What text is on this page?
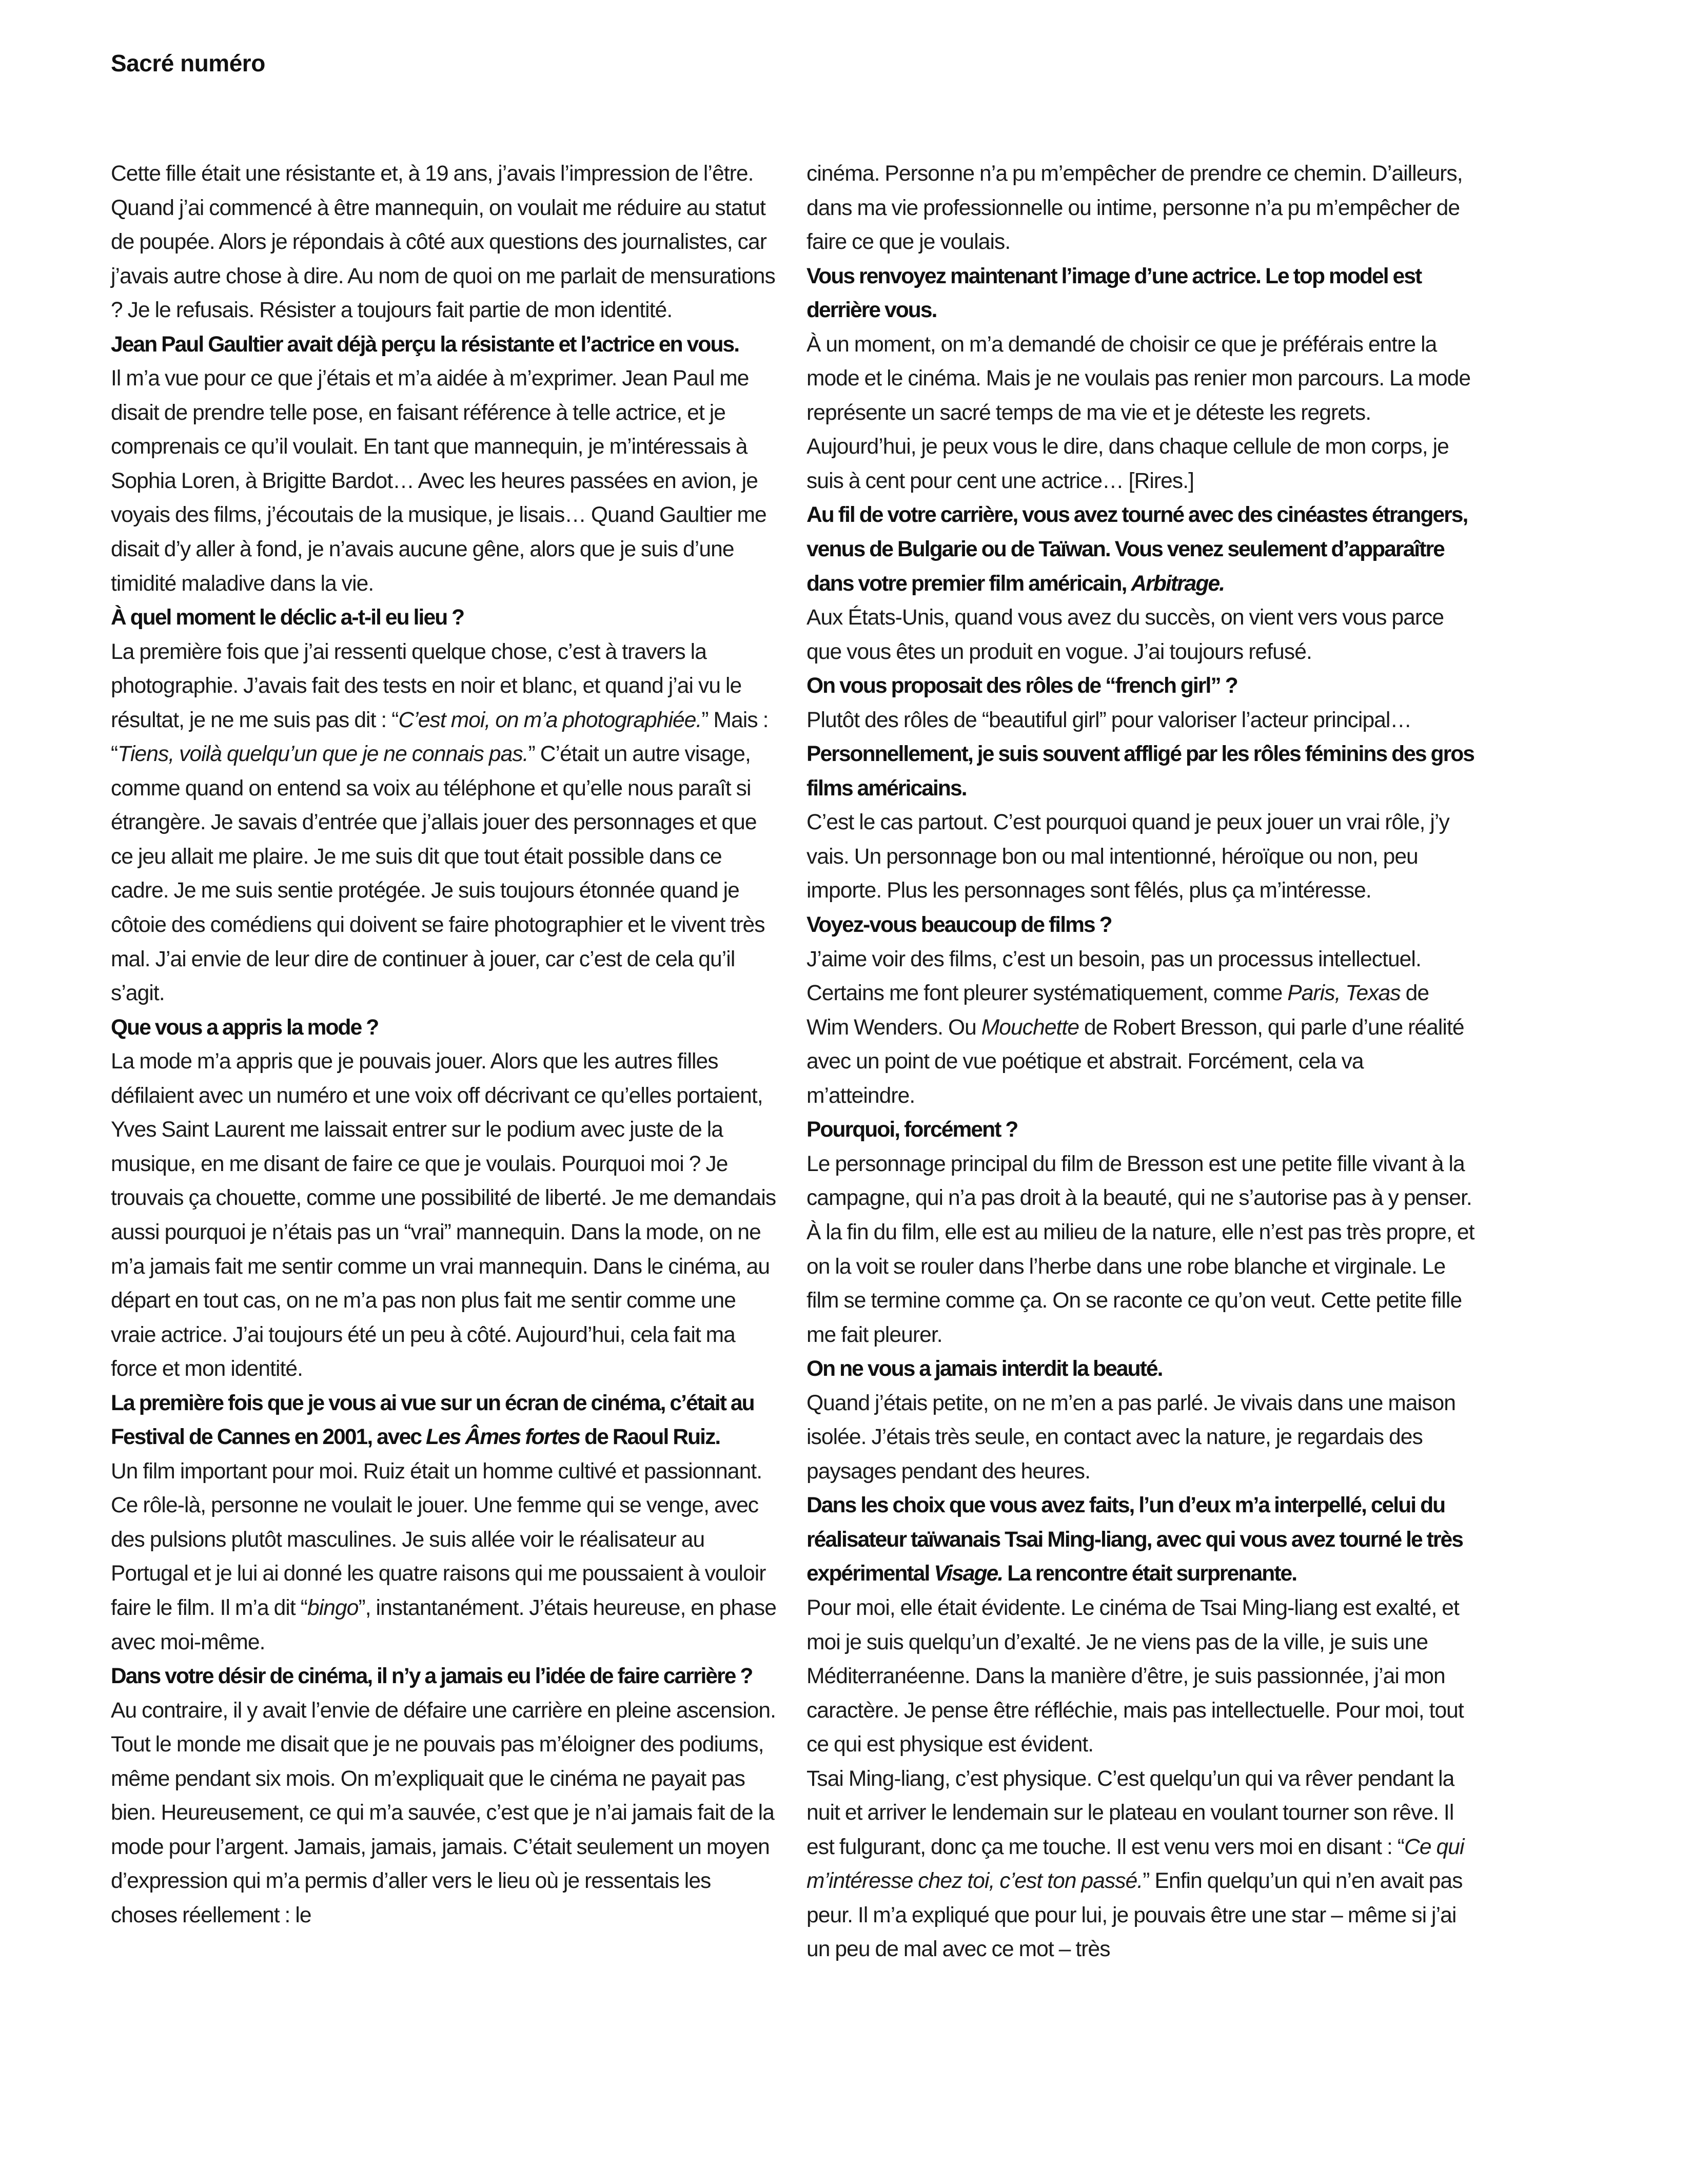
Sacré numéro

Cette fille était une résistante et, à 19 ans, j’avais l’impression de l’être. Quand j’ai commencé à être mannequin, on voulait me réduire au statut de poupée. Alors je répondais à côté aux questions des journalistes, car j’avais autre chose à dire. Au nom de quoi on me parlait de mensurations ? Je le refusais. Résister a toujours fait partie de mon identité.

Jean Paul Gaultier avait déjà perçu la résistante et l’actrice en vous.

Il m’a vue pour ce que j’étais et m’a aidée à m’exprimer. Jean Paul me disait de prendre telle pose, en faisant référence à telle actrice, et je comprenais ce qu’il voulait. En tant que mannequin, je m’intéressais à Sophia Loren, à Brigitte Bardot… Avec les heures passées en avion, je voyais des films, j’écoutais de la musique, je lisais… Quand Gaultier me disait d’y aller à fond, je n’avais aucune gêne, alors que je suis d’une timidité maladive dans la vie.

À quel moment le déclic a-t-il eu lieu ?

La première fois que j’ai ressenti quelque chose, c’est à travers la photographie. J’avais fait des tests en noir et blanc, et quand j’ai vu le résultat, je ne me suis pas dit : “C’est moi, on m’a photographiée.” Mais : “Tiens, voilà quelqu’un que je ne connais pas.” C’était un autre visage, comme quand on entend sa voix au téléphone et qu’elle nous paraît si étrangère. Je savais d’entrée que j’allais jouer des personnages et que ce jeu allait me plaire. Je me suis dit que tout était possible dans ce cadre. Je me suis sentie protégée. Je suis toujours étonnée quand je côtoie des comédiens qui doivent se faire photographier et le vivent très mal. J’ai envie de leur dire de continuer à jouer, car c’est de cela qu’il s’agit.

Que vous a appris la mode ?

La mode m’a appris que je pouvais jouer. Alors que les autres filles défilaient avec un numéro et une voix off décrivant ce qu’elles portaient, Yves Saint Laurent me laissait entrer sur le podium avec juste de la musique, en me disant de faire ce que je voulais. Pourquoi moi ? Je trouvais ça chouette, comme une possibilité de liberté. Je me demandais aussi pourquoi je n’étais pas un “vrai” mannequin. Dans la mode, on ne m’a jamais fait me sentir comme un vrai mannequin. Dans le cinéma, au départ en tout cas, on ne m’a pas non plus fait me sentir comme une vraie actrice. J’ai toujours été un peu à côté. Aujourd’hui, cela fait ma force et mon identité.

La première fois que je vous ai vue sur un écran de cinéma, c’était au Festival de Cannes en 2001, avec Les Âmes fortes de Raoul Ruiz.

Un film important pour moi. Ruiz était un homme cultivé et passionnant. Ce rôle-là, personne ne voulait le jouer. Une femme qui se venge, avec des pulsions plutôt masculines. Je suis allée voir le réalisateur au Portugal et je lui ai donné les quatre raisons qui me poussaient à vouloir faire le film. Il m’a dit “bingo”, instantanément. J’étais heureuse, en phase avec moi-même.

Dans votre désir de cinéma, il n’y a jamais eu l’idée de faire carrière ?

Au contraire, il y avait l’envie de défaire une carrière en pleine ascension. Tout le monde me disait que je ne pouvais pas m’éloigner des podiums, même pendant six mois. On m’expliquait que le cinéma ne payait pas bien. Heureusement, ce qui m’a sauvée, c’est que je n’ai jamais fait de la mode pour l’argent. Jamais, jamais, jamais. C’était seulement un moyen d’expression qui m’a permis d’aller vers le lieu où je ressentais les choses réellement : le

cinéma. Personne n’a pu m’empêcher de prendre ce chemin. D’ailleurs, dans ma vie professionnelle ou intime, personne n’a pu m’empêcher de faire ce que je voulais.

Vous renvoyez maintenant l’image d’une actrice. Le top model est derrière vous.

À un moment, on m’a demandé de choisir ce que je préférais entre la mode et le cinéma. Mais je ne voulais pas renier mon parcours. La mode représente un sacré temps de ma vie et je déteste les regrets. Aujourd’hui, je peux vous le dire, dans chaque cellule de mon corps, je suis à cent pour cent une actrice… [Rires.]

Au fil de votre carrière, vous avez tourné avec des cinéastes étrangers, venus de Bulgarie ou de Taïwan. Vous venez seulement d’apparaître dans votre premier film américain, Arbitrage.

Aux États-Unis, quand vous avez du succès, on vient vers vous parce que vous êtes un produit en vogue. J’ai toujours refusé.

On vous proposait des rôles de “french girl” ?

Plutôt des rôles de “beautiful girl” pour valoriser l’acteur principal…

Personnellement, je suis souvent affligé par les rôles féminins des gros films américains.

C’est le cas partout. C’est pourquoi quand je peux jouer un vrai rôle, j’y vais. Un personnage bon ou mal intentionné, héroïque ou non, peu importe. Plus les personnages sont fêlés, plus ça m’intéresse.

Voyez-vous beaucoup de films ?

J’aime voir des films, c’est un besoin, pas un processus intellectuel. Certains me font pleurer systématiquement, comme Paris, Texas de Wim Wenders. Ou Mouchette de Robert Bresson, qui parle d’une réalité avec un point de vue poétique et abstrait. Forcément, cela va m’atteindre.

Pourquoi, forcément ?

Le personnage principal du film de Bresson est une petite fille vivant à la campagne, qui n’a pas droit à la beauté, qui ne s’autorise pas à y penser. À la fin du film, elle est au milieu de la nature, elle n’est pas très propre, et on la voit se rouler dans l’herbe dans une robe blanche et virginale. Le film se termine comme ça. On se raconte ce qu’on veut. Cette petite fille me fait pleurer.

On ne vous a jamais interdit la beauté.

Quand j’étais petite, on ne m’en a pas parlé. Je vivais dans une maison isolée. J’étais très seule, en contact avec la nature, je regardais des paysages pendant des heures.

Dans les choix que vous avez faits, l’un d’eux m’a interpellé, celui du réalisateur taïwanais Tsai Ming-liang, avec qui vous avez tourné le très expérimental Visage. La rencontre était surprenante.

Pour moi, elle était évidente. Le cinéma de Tsai Ming-liang est exalté, et moi je suis quelqu’un d’exalté. Je ne viens pas de la ville, je suis une Méditerranéenne. Dans la manière d’être, je suis passionnée, j’ai mon caractère. Je pense être réfléchie, mais pas intellectuelle. Pour moi, tout ce qui est physique est évident.

Tsai Ming-liang, c’est physique. C’est quelqu’un qui va rêver pendant la nuit et arriver le lendemain sur le plateau en voulant tourner son rêve. Il est fulgurant, donc ça me touche. Il est venu vers moi en disant : “Ce qui m’intéresse chez toi, c’est ton passé.” Enfin quelqu’un qui n’en avait pas peur. Il m’a expliqué que pour lui, je pouvais être une star – même si j’ai un peu de mal avec ce mot – très
